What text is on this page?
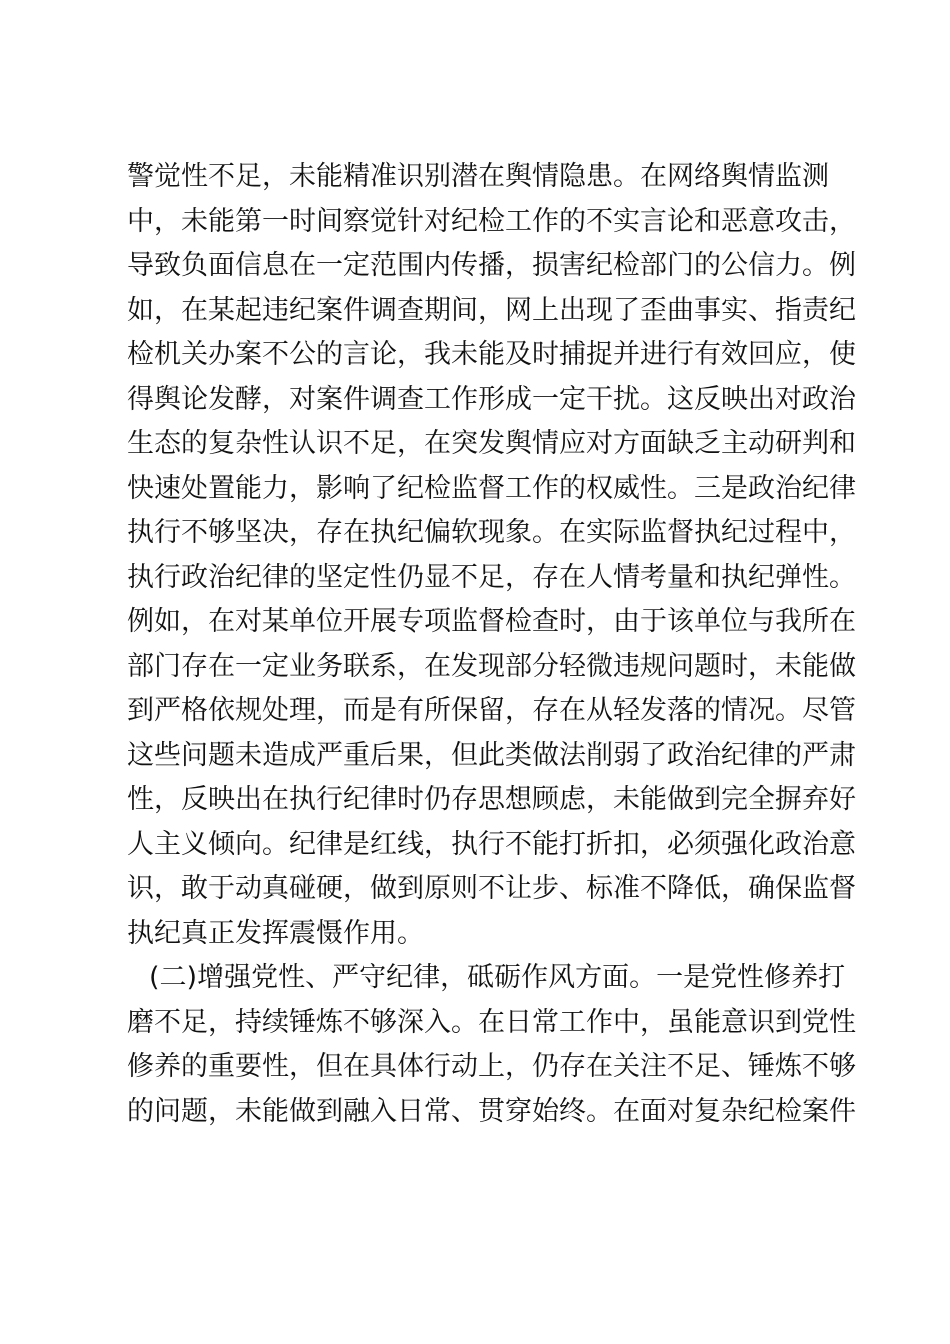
警觉性不足，未能精准识别潜在舆情隐患。在网络舆情监测
中，未能第一时间察觉针对纪检工作的不实言论和恶意攻击，
导致负面信息在一定范围内传播，损害纪检部门的公信力。例
如，在某起违纪案件调查期间，网上出现了歪曲事实、指责纪
检机关办案不公的言论，我未能及时捕捉并进行有效回应，使
得舆论发酵，对案件调查工作形成一定干扰。这反映出对政治
生态的复杂性认识不足，在突发舆情应对方面缺乏主动研判和
快速处置能力，影响了纪检监督工作的权威性。三是政治纪律
执行不够坚决，存在执纪偏软现象。在实际监督执纪过程中，
执行政治纪律的坚定性仍显不足，存在人情考量和执纪弹性。
例如，在对某单位开展专项监督检查时，由于该单位与我所在
部门存在一定业务联系，在发现部分轻微违规问题时，未能做
到严格依规处理，而是有所保留，存在从轻发落的情况。尽管
这些问题未造成严重后果，但此类做法削弱了政治纪律的严肃
性，反映出在执行纪律时仍存思想顾虑，未能做到完全摒弃好
人主义倾向。纪律是红线，执行不能打折扣，必须强化政治意
识，敢于动真碰硬，做到原则不让步、标准不降低，确保监督
执纪真正发挥震慑作用。
(二)增强党性、严守纪律，砥砺作风方面。一是党性修养打
磨不足，持续锤炼不够深入。在日常工作中，虽能意识到党性
修养的重要性，但在具体行动上，仍存在关注不足、锤炼不够
的问题，未能做到融入日常、贯穿始终。在面对复杂纪检案件
